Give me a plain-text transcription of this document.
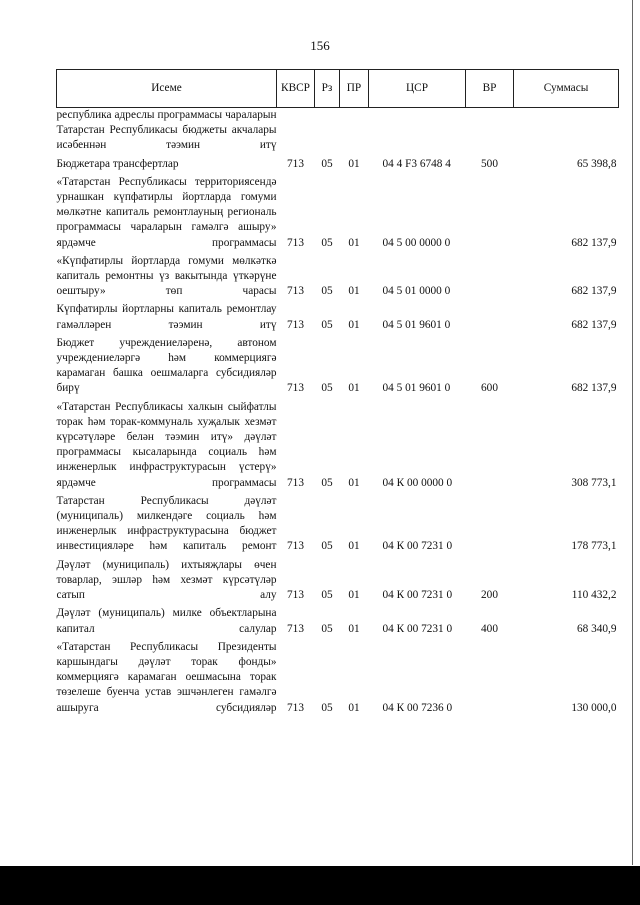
156
Исеме	КВСР	Рз	ПР	ЦСР	ВР	Суммасы
республика адреслы программасы чараларын Татарстан Республикасы бюджеты акчалары исәбеннән тәэмин итү						
Бюджетара трансфертлар	713	05	01	04 4 F3 6748 4	500	65 398,8
«Татарстан Республикасы территориясендә урнашкан күпфатирлы йортларда гомуми мөлкәтне капиталь ремонтлауның региональ программасы чараларын гамәлгә ашыру» ярдәмче программасы	713	05	01	04 5 00 0000 0		682 137,9
«Күпфатирлы йортларда гомуми мөлкәткә капиталь ремонтны үз вакытында үткәрүне оештыру» төп чарасы	713	05	01	04 5 01 0000 0		682 137,9
Күпфатирлы йортларны капиталь ремонтлау гамәлләрен тәэмин итү	713	05	01	04 5 01 9601 0		682 137,9
Бюджет учреждениеләренә, автоном учреждениеләргә һәм коммерциягә карамаган башка оешмаларга субсидияләр бирү	713	05	01	04 5 01 9601 0	600	682 137,9
«Татарстан Республикасы халкын сыйфатлы торак һәм торак-коммуналь хуҗалык хезмәт күрсәтүләре белән тәэмин итү» дәүләт программасы кысаларында социаль һәм инженерлык инфраструктурасын үстерү» ярдәмче программасы	713	05	01	04 К 00 0000 0		308 773,1
Татарстан Республикасы дәүләт (муниципаль) милкендәге социаль һәм инженерлык инфраструктурасына бюджет инвестицияләре һәм капиталь ремонт	713	05	01	04 К 00 7231 0		178 773,1
Дәүләт (муниципаль) ихтыяҗлары өчен товарлар, эшләр һәм хезмәт күрсәтүләр сатып алу	713	05	01	04 К 00 7231 0	200	110 432,2
Дәүләт (муниципаль) милке объектларына капитал салулар	713	05	01	04 К 00 7231 0	400	68 340,9
«Татарстан Республикасы Президенты каршындагы дәүләт торак фонды» коммерциягә карамаган оешмасына торак төзелеше буенча устав эшчәнлеген гамәлгә ашыруга субсидияләр	713	05	01	04 К 00 7236 0		130 000,0
